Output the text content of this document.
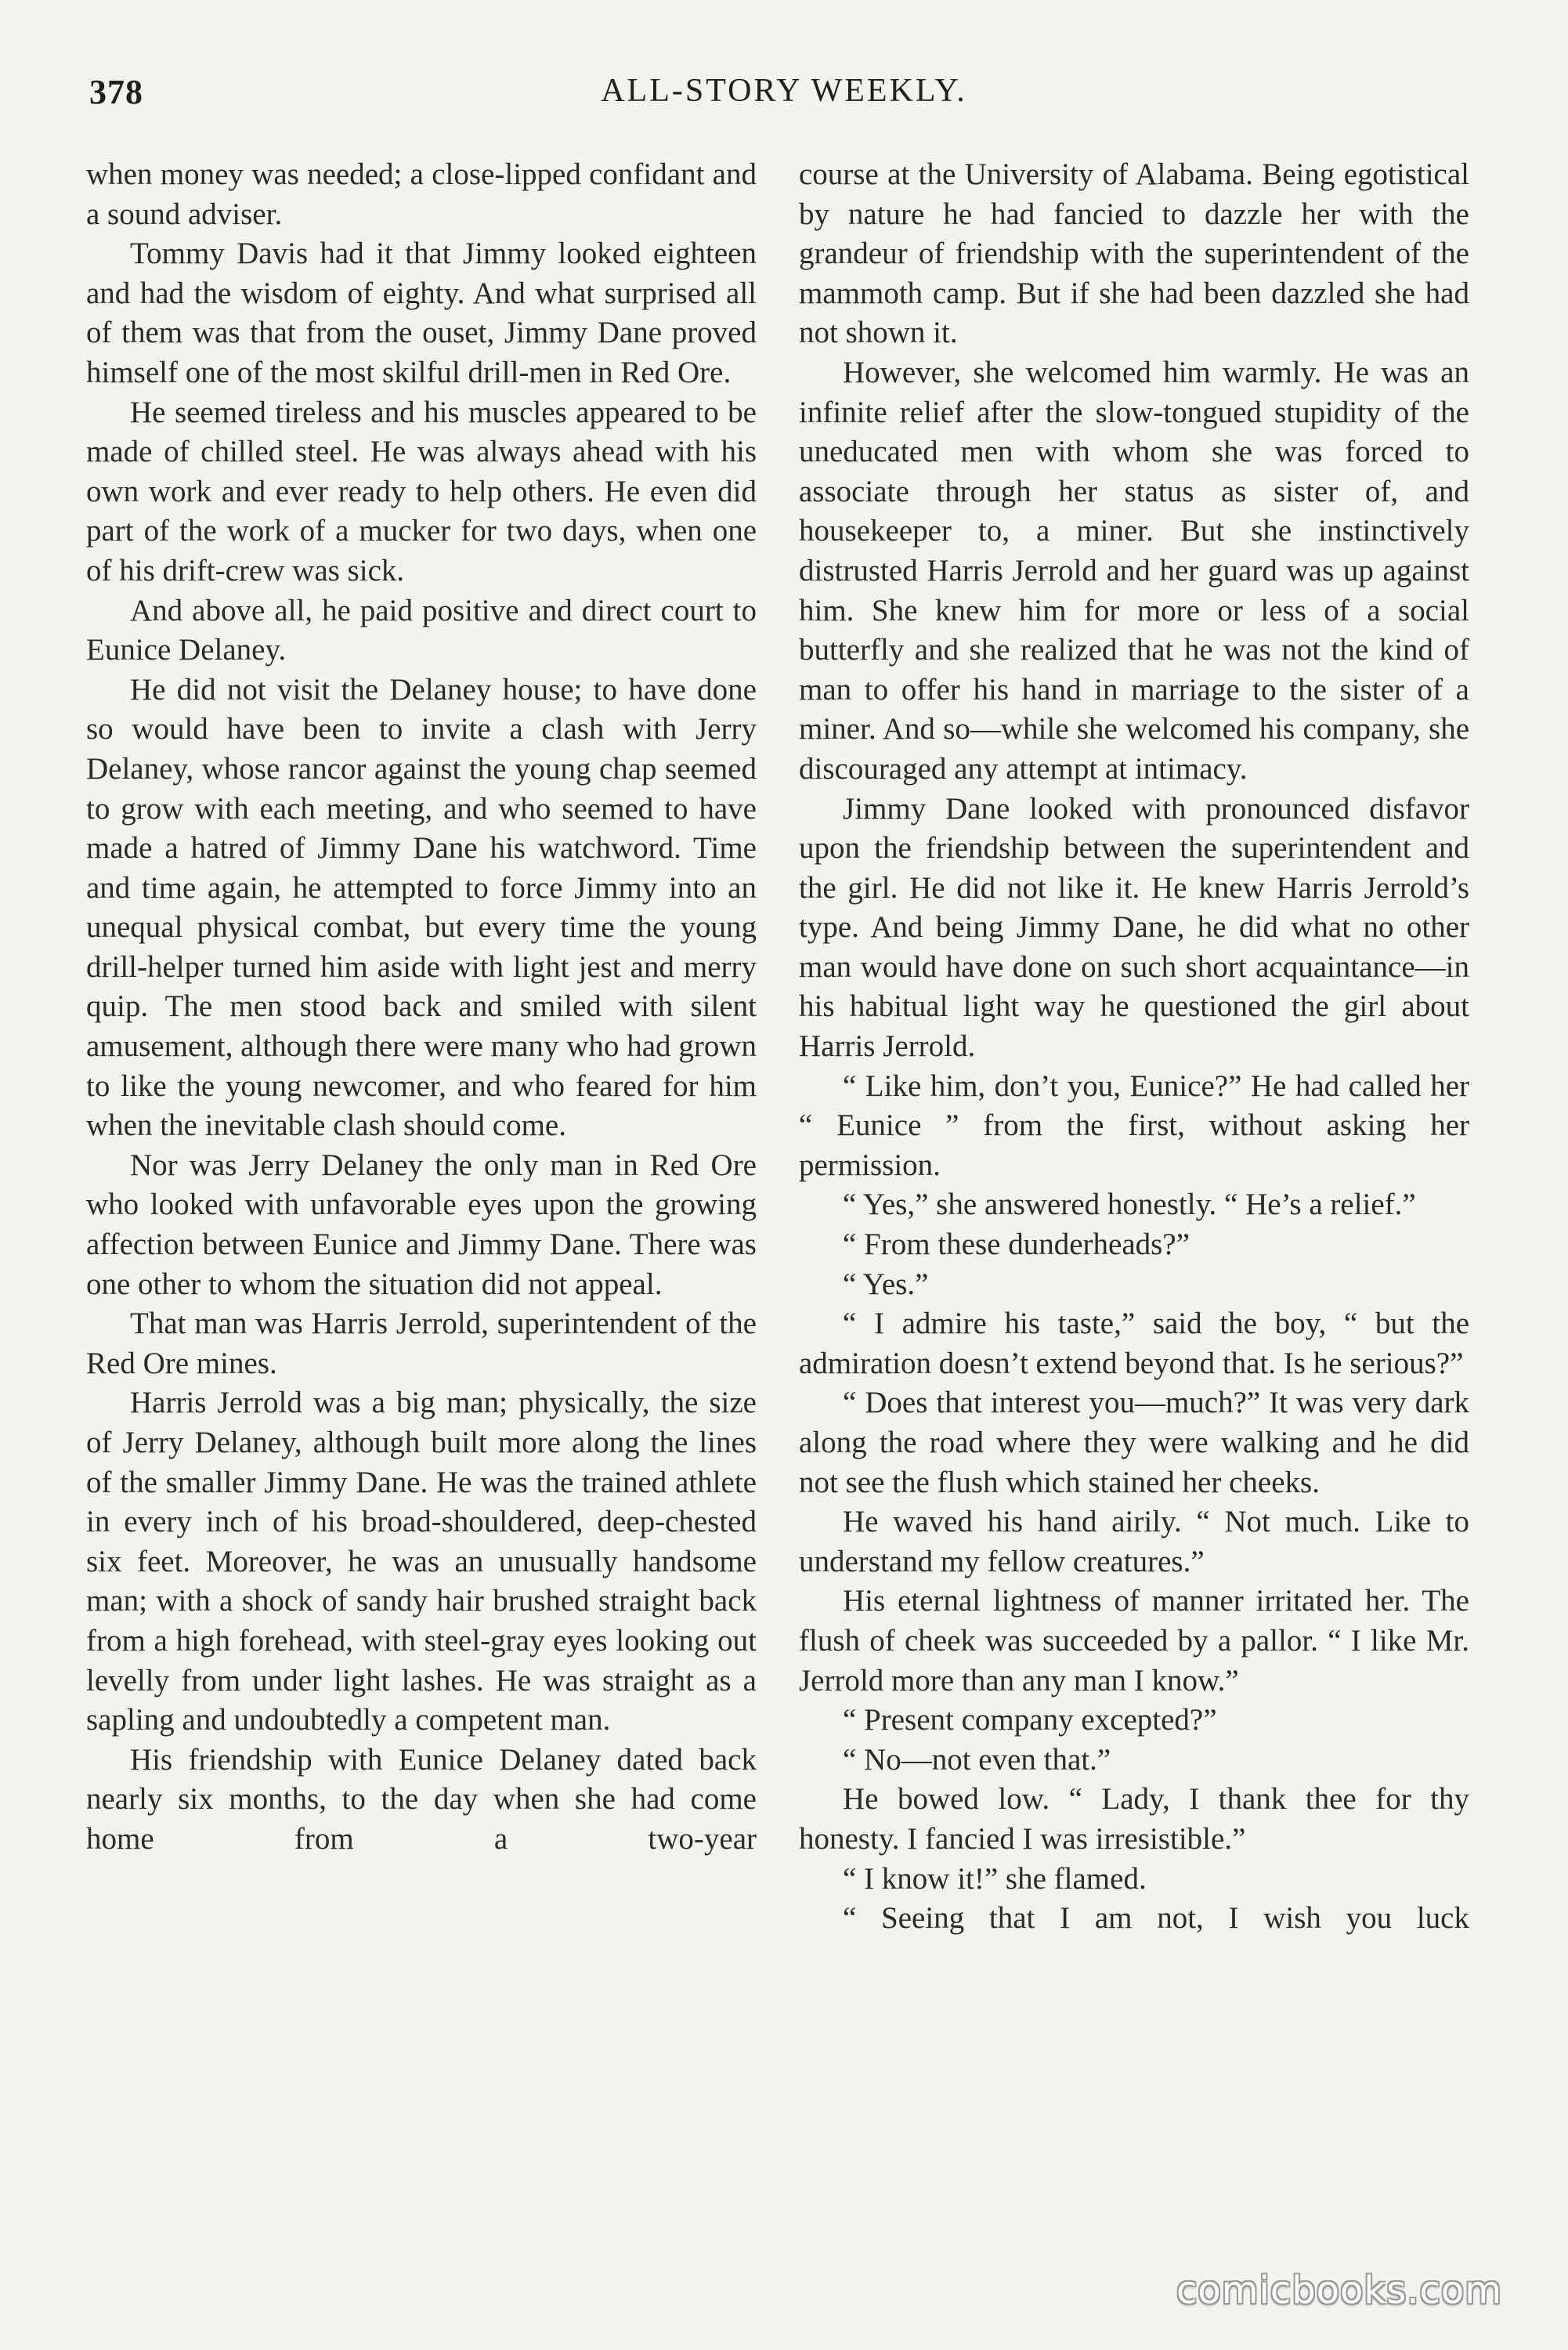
378	ALL-STORY WEEKLY.

when money was needed; a close-lipped confidant and a sound adviser.

Tommy Davis had it that Jimmy looked eighteen and had the wisdom of eighty. And what surprised all of them was that from the ouset, Jimmy Dane proved himself one of the most skilful drill-men in Red Ore.

He seemed tireless and his muscles appeared to be made of chilled steel. He was always ahead with his own work and ever ready to help others. He even did part of the work of a mucker for two days, when one of his drift-crew was sick.

And above all, he paid positive and direct court to Eunice Delaney.

He did not visit the Delaney house; to have done so would have been to invite a clash with Jerry Delaney, whose rancor against the young chap seemed to grow with each meeting, and who seemed to have made a hatred of Jimmy Dane his watchword. Time and time again, he attempted to force Jimmy into an unequal physical combat, but every time the young drill-helper turned him aside with light jest and merry quip. The men stood back and smiled with silent amusement, although there were many who had grown to like the young newcomer, and who feared for him when the inevitable clash should come.

Nor was Jerry Delaney the only man in Red Ore who looked with unfavorable eyes upon the growing affection between Eunice and Jimmy Dane. There was one other to whom the situation did not appeal.

That man was Harris Jerrold, superintendent of the Red Ore mines.

Harris Jerrold was a big man; physically, the size of Jerry Delaney, although built more along the lines of the smaller Jimmy Dane. He was the trained athlete in every inch of his broad-shouldered, deep-chested six feet. Moreover, he was an unusually handsome man; with a shock of sandy hair brushed straight back from a high forehead, with steel-gray eyes looking out levelly from under light lashes. He was straight as a sapling and undoubtedly a competent man.

His friendship with Eunice Delaney dated back nearly six months, to the day when she had come home from a two-year

course at the University of Alabama. Being egotistical by nature he had fancied to dazzle her with the grandeur of friendship with the superintendent of the mammoth camp. But if she had been dazzled she had not shown it.

However, she welcomed him warmly. He was an infinite relief after the slow-tongued stupidity of the uneducated men with whom she was forced to associate through her status as sister of, and housekeeper to, a miner. But she instinctively distrusted Harris Jerrold and her guard was up against him. She knew him for more or less of a social butterfly and she realized that he was not the kind of man to offer his hand in marriage to the sister of a miner. And so—while she welcomed his company, she discouraged any attempt at intimacy.

Jimmy Dane looked with pronounced disfavor upon the friendship between the superintendent and the girl. He did not like it. He knew Harris Jerrold’s type. And being Jimmy Dane, he did what no other man would have done on such short acquaintance—in his habitual light way he questioned the girl about Harris Jerrold.

“ Like him, don’t you, Eunice?” He had called her “ Eunice ” from the first, without asking her permission.

“ Yes,” she answered honestly. “ He’s a relief.”

“ From these dunderheads?”

“ Yes.”

“ I admire his taste,” said the boy, “ but the admiration doesn’t extend beyond that. Is he serious?”

“ Does that interest you—much?” It was very dark along the road where they were walking and he did not see the flush which stained her cheeks.

He waved his hand airily. “ Not much. Like to understand my fellow creatures.”

His eternal lightness of manner irritated her. The flush of cheek was succeeded by a pallor. “ I like Mr. Jerrold more than any man I know.”

“ Present company excepted?”

“ No—not even that.”

He bowed low. “ Lady, I thank thee for thy honesty. I fancied I was irresistible.”

“ I know it!” she flamed.

“ Seeing that I am not, I wish you luck

comicbooks.com
